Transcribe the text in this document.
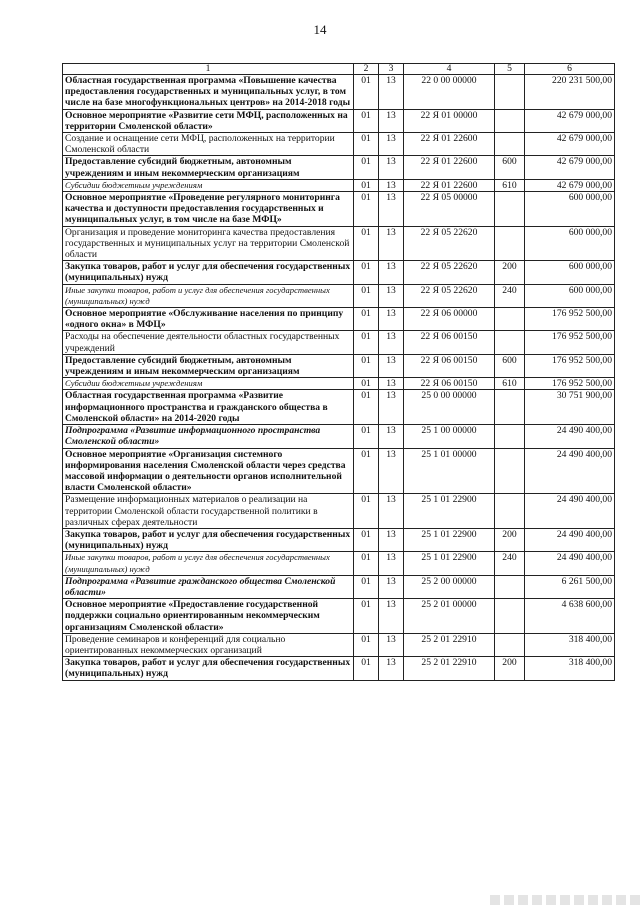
14
1	2	3	4	5	6
Областная государственная программа «Повышение качества предоставления государственных и муниципальных услуг, в том числе на базе многофункциональных центров» на 2014-2018 годы	01	13	22 0 00 00000		220 231 500,00
Основное мероприятие «Развитие сети МФЦ, расположенных на территории Смоленской области»	01	13	22 Я 01 00000		42 679 000,00
Создание и оснащение сети МФЦ, расположенных на территории Смоленской области	01	13	22 Я 01 22600		42 679 000,00
Предоставление субсидий бюджетным, автономным учреждениям и иным некоммерческим организациям	01	13	22 Я 01 22600	600	42 679 000,00
Субсидии бюджетным учреждениям	01	13	22 Я 01 22600	610	42 679 000,00
Основное мероприятие «Проведение регулярного мониторинга качества и доступности предоставления государственных и муниципальных услуг, в том числе на базе МФЦ»	01	13	22 Я 05 00000		600 000,00
Организация и проведение мониторинга качества предоставления государственных и муниципальных услуг на территории Смоленской области	01	13	22 Я 05 22620		600 000,00
Закупка товаров, работ и услуг для обеспечения государственных (муниципальных) нужд	01	13	22 Я 05 22620	200	600 000,00
Иные закупки товаров, работ и услуг для обеспечения государственных (муниципальных) нужд	01	13	22 Я 05 22620	240	600 000,00
Основное мероприятие «Обслуживание населения по принципу «одного окна» в МФЦ»	01	13	22 Я 06 00000		176 952 500,00
Расходы на обеспечение деятельности областных государственных учреждений	01	13	22 Я 06 00150		176 952 500,00
Предоставление субсидий бюджетным, автономным учреждениям и иным некоммерческим организациям	01	13	22 Я 06 00150	600	176 952 500,00
Субсидии бюджетным учреждениям	01	13	22 Я 06 00150	610	176 952 500,00
Областная государственная программа «Развитие информационного пространства и гражданского общества в Смоленской области» на 2014-2020 годы	01	13	25 0 00 00000		30 751 900,00
Подпрограмма «Развитие информационного пространства Смоленской области»	01	13	25 1 00 00000		24 490 400,00
Основное мероприятие «Организация системного информирования населения Смоленской области через средства массовой информации о деятельности органов исполнительной власти Смоленской области»	01	13	25 1 01 00000		24 490 400,00
Размещение информационных материалов о реализации на территории Смоленской области государственной политики в различных сферах деятельности	01	13	25 1 01 22900		24 490 400,00
Закупка товаров, работ и услуг для обеспечения государственных (муниципальных) нужд	01	13	25 1 01 22900	200	24 490 400,00
Иные закупки товаров, работ и услуг для обеспечения государственных (муниципальных) нужд	01	13	25 1 01 22900	240	24 490 400,00
Подпрограмма «Развитие гражданского общества Смоленской области»	01	13	25 2 00 00000		6 261 500,00
Основное мероприятие «Предоставление государственной поддержки социально ориентированным некоммерческим организациям Смоленской области»	01	13	25 2 01 00000		4 638 600,00
Проведение семинаров и конференций для социально ориентированных некоммерческих организаций	01	13	25 2 01 22910		318 400,00
Закупка товаров, работ и услуг для обеспечения государственных (муниципальных) нужд	01	13	25 2 01 22910	200	318 400,00
